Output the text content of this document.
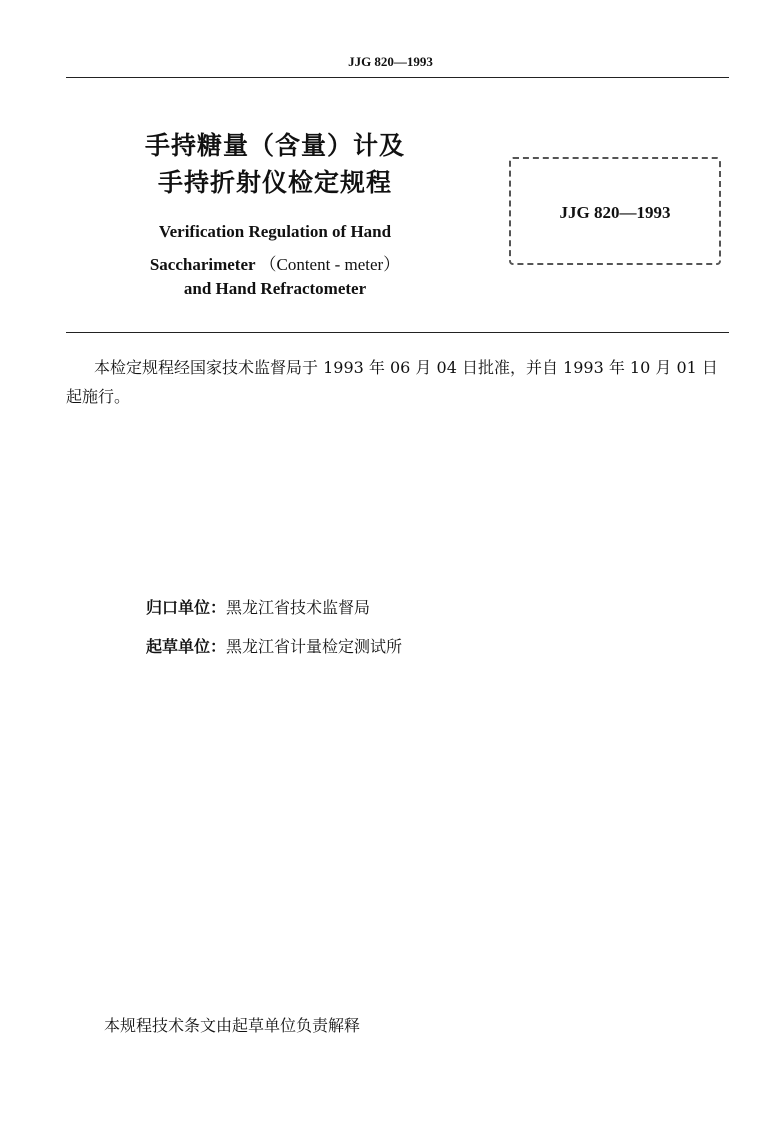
JJG 820—1993
手持糖量（含量）计及
手持折射仪检定规程
Verification Regulation of Hand
Saccharimeter （Content - meter）
and Hand Refractometer
JJG 820—1993
本检定规程经国家技术监督局于 1993 年 06 月 04 日批准，并自 1993 年 10 月 01 日起施行。
归口单位：黑龙江省技术监督局
起草单位：黑龙江省计量检定测试所
本规程技术条文由起草单位负责解释
